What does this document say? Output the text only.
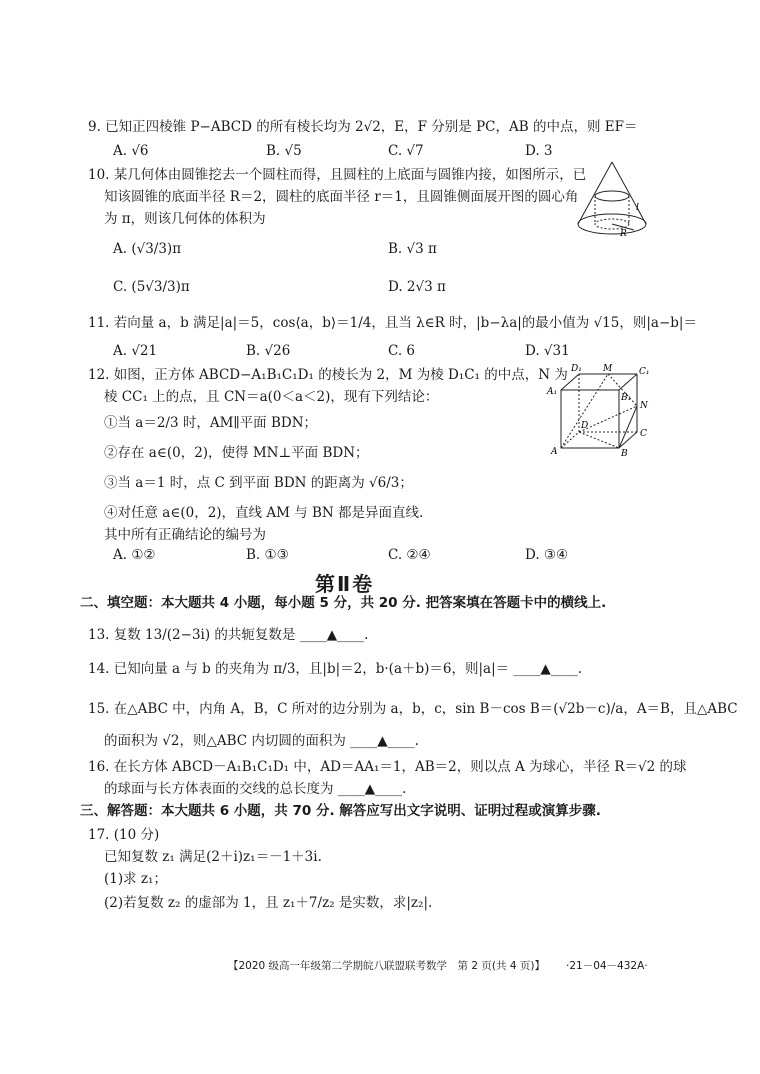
9. 已知正四棱锥 P−ABCD 的所有棱长均为 2√2，E，F 分别是 PC，AB 的中点，则 EF＝
A. √6	B. √5	C. √7	D. 3
10. 某几何体由圆锥挖去一个圆柱而得，且圆柱的上底面与圆锥内接，如图所示，已
知该圆锥的底面半径 R＝2，圆柱的底面半径 r＝1，且圆锥侧面展开图的圆心角
为 π，则该几何体的体积为
A. (√3/3)π	B. √3 π
C. (5√3/3)π	D. 2√3 π
l
R
11. 若向量 a，b 满足|a|＝5，cos⟨a，b⟩＝1/4，且当 λ∈R 时，|b−λa|的最小值为 √15，则|a−b|＝
A. √21	B. √26	C. 6	D. √31
12. 如图，正方体 ABCD−A₁B₁C₁D₁ 的棱长为 2，M 为棱 D₁C₁ 的中点，N 为
棱 CC₁ 上的点，且 CN＝a(0＜a＜2)，现有下列结论：
①当 a＝2/3 时，AM∥平面 BDN；
②存在 a∈(0，2)，使得 MN⊥平面 BDN；
③当 a＝1 时，点 C 到平面 BDN 的距离为 √6/3；
④对任意 a∈(0，2)，直线 AM 与 BN 都是异面直线.
其中所有正确结论的编号为
A. ①②	B. ①③	C. ②④	D. ③④
D₁ M	C₁
A₁
B₁
N
D
C
A	B
第Ⅱ卷
二、填空题：本大题共 4 小题，每小题 5 分，共 20 分. 把答案填在答题卡中的横线上.
13. 复数 13/(2−3i) 的共轭复数是 ____▲____.
14. 已知向量 a 与 b 的夹角为 π/3，且|b|＝2，b·(a＋b)＝6，则|a|＝ ____▲____.
15. 在△ABC 中，内角 A，B，C 所对的边分别为 a，b，c，sin B－cos B＝(√2b－c)/a，A＝B，且△ABC
的面积为 √2，则△ABC 内切圆的面积为 ____▲____.
16. 在长方体 ABCD－A₁B₁C₁D₁ 中，AD＝AA₁＝1，AB＝2，则以点 A 为球心，半径 R＝√2 的球
的球面与长方体表面的交线的总长度为 ____▲____.
三、解答题：本大题共 6 小题，共 70 分. 解答应写出文字说明、证明过程或演算步骤.
17. (10 分)
已知复数 z₁ 满足(2＋i)z₁＝－1＋3i.
(1)求 z₁；
(2)若复数 z₂ 的虚部为 1，且 z₁＋7/z₂ 是实数，求|z₂|.
【2020 级高一年级第二学期皖八联盟联考数学　第 2 页(共 4 页)】 ·21－04－432A·
